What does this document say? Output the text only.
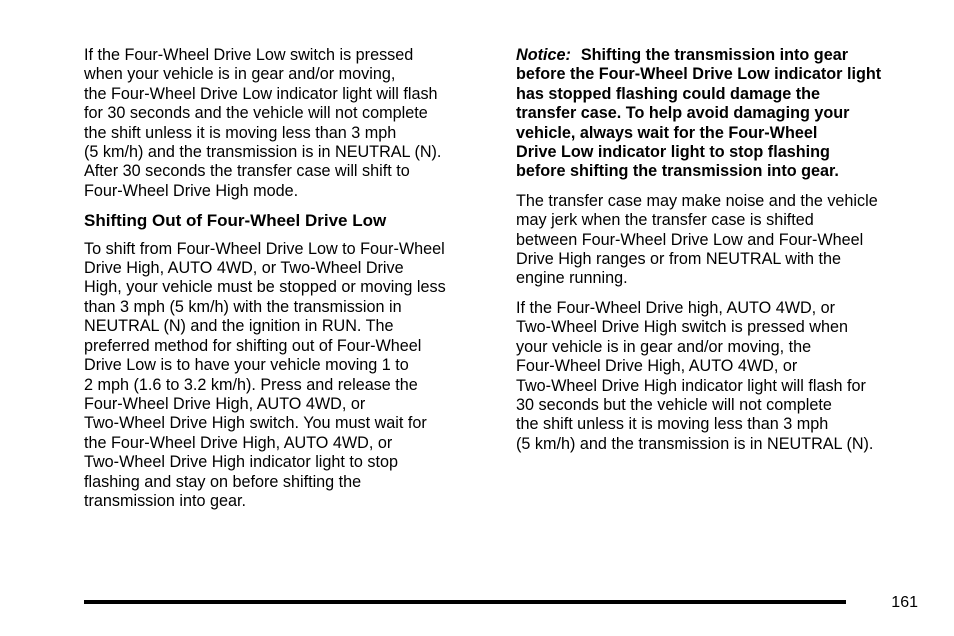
If the Four-Wheel Drive Low switch is pressed
when your vehicle is in gear and/or moving,
the Four-Wheel Drive Low indicator light will flash
for 30 seconds and the vehicle will not complete
the shift unless it is moving less than 3 mph
(5 km/h) and the transmission is in NEUTRAL (N).
After 30 seconds the transfer case will shift to
Four-Wheel Drive High mode.
Shifting Out of Four-Wheel Drive Low
To shift from Four-Wheel Drive Low to Four-Wheel
Drive High, AUTO 4WD, or Two-Wheel Drive
High, your vehicle must be stopped or moving less
than 3 mph (5 km/h) with the transmission in
NEUTRAL (N) and the ignition in RUN. The
preferred method for shifting out of Four-Wheel
Drive Low is to have your vehicle moving 1 to
2 mph (1.6 to 3.2 km/h). Press and release the
Four-Wheel Drive High, AUTO 4WD, or
Two-Wheel Drive High switch. You must wait for
the Four-Wheel Drive High, AUTO 4WD, or
Two-Wheel Drive High indicator light to stop
flashing and stay on before shifting the
transmission into gear.
Notice: Shifting the transmission into gear
before the Four-Wheel Drive Low indicator light
has stopped flashing could damage the
transfer case. To help avoid damaging your
vehicle, always wait for the Four-Wheel
Drive Low indicator light to stop flashing
before shifting the transmission into gear.
The transfer case may make noise and the vehicle
may jerk when the transfer case is shifted
between Four-Wheel Drive Low and Four-Wheel
Drive High ranges or from NEUTRAL with the
engine running.
If the Four-Wheel Drive high, AUTO 4WD, or
Two-Wheel Drive High switch is pressed when
your vehicle is in gear and/or moving, the
Four-Wheel Drive High, AUTO 4WD, or
Two-Wheel Drive High indicator light will flash for
30 seconds but the vehicle will not complete
the shift unless it is moving less than 3 mph
(5 km/h) and the transmission is in NEUTRAL (N).
161
